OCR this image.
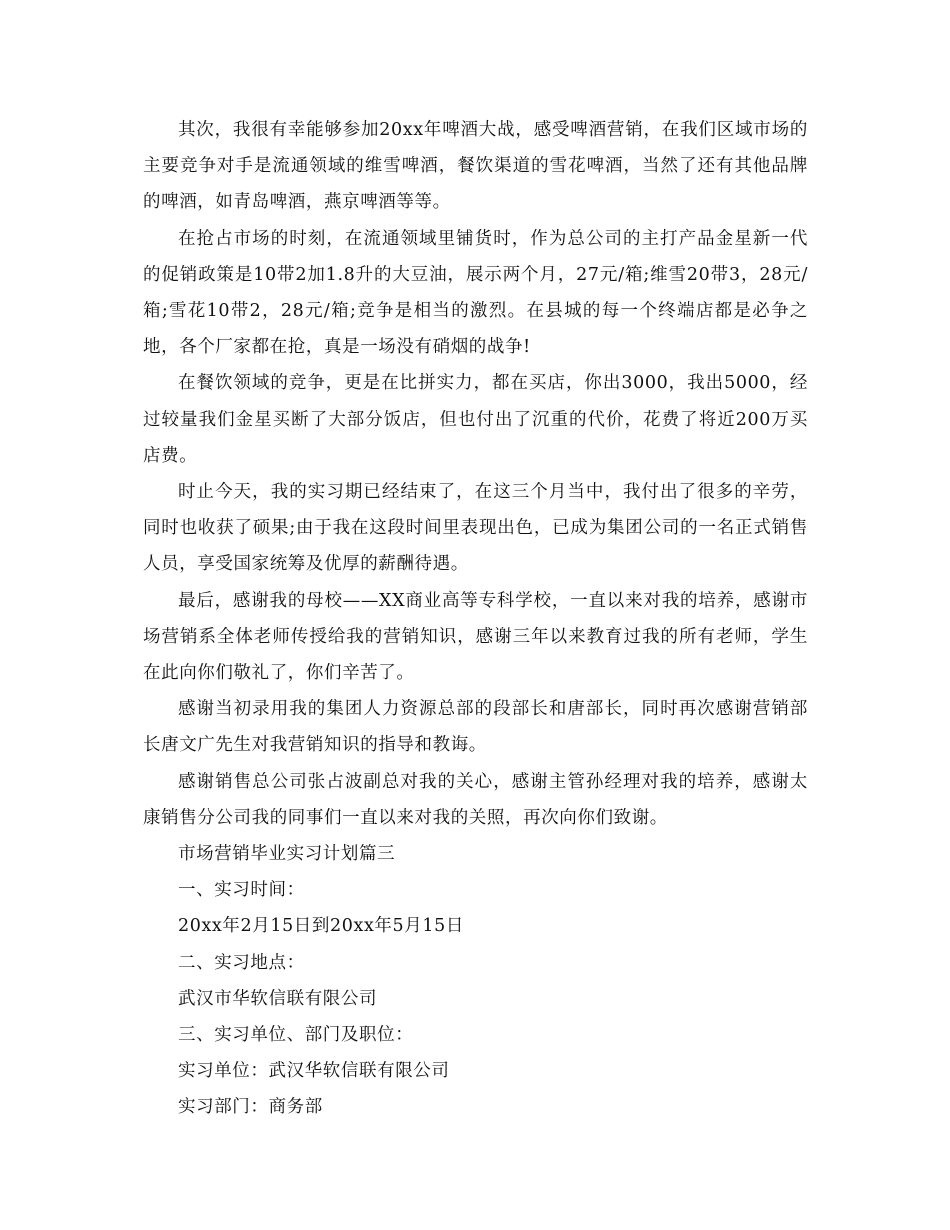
其次，我很有幸能够参加20xx年啤酒大战，感受啤酒营销，在我们区域市场的主要竞争对手是流通领域的维雪啤酒，餐饮渠道的雪花啤酒，当然了还有其他品牌的啤酒，如青岛啤酒，燕京啤酒等等。

在抢占市场的时刻，在流通领域里铺货时，作为总公司的主打产品金星新一代的促销政策是10带2加1.8升的大豆油，展示两个月，27元/箱;维雪20带3，28元/箱;雪花10带2，28元/箱;竞争是相当的激烈。在县城的每一个终端店都是必争之地，各个厂家都在抢，真是一场没有硝烟的战争!

在餐饮领域的竞争，更是在比拼实力，都在买店，你出3000，我出5000，经过较量我们金星买断了大部分饭店，但也付出了沉重的代价，花费了将近200万买店费。

时止今天，我的实习期已经结束了，在这三个月当中，我付出了很多的辛劳，同时也收获了硕果;由于我在这段时间里表现出色，已成为集团公司的一名正式销售人员，享受国家统筹及优厚的薪酬待遇。

最后，感谢我的母校——XX商业高等专科学校，一直以来对我的培养，感谢市场营销系全体老师传授给我的营销知识，感谢三年以来教育过我的所有老师，学生在此向你们敬礼了，你们辛苦了。

感谢当初录用我的集团人力资源总部的段部长和唐部长，同时再次感谢营销部长唐文广先生对我营销知识的指导和教诲。

感谢销售总公司张占波副总对我的关心，感谢主管孙经理对我的培养，感谢太康销售分公司我的同事们一直以来对我的关照，再次向你们致谢。

市场营销毕业实习计划篇三

一、实习时间：

20xx年2月15日到20xx年5月15日

二、实习地点：

武汉市华软信联有限公司

三、实习单位、部门及职位：

实习单位：武汉华软信联有限公司

实习部门：商务部
